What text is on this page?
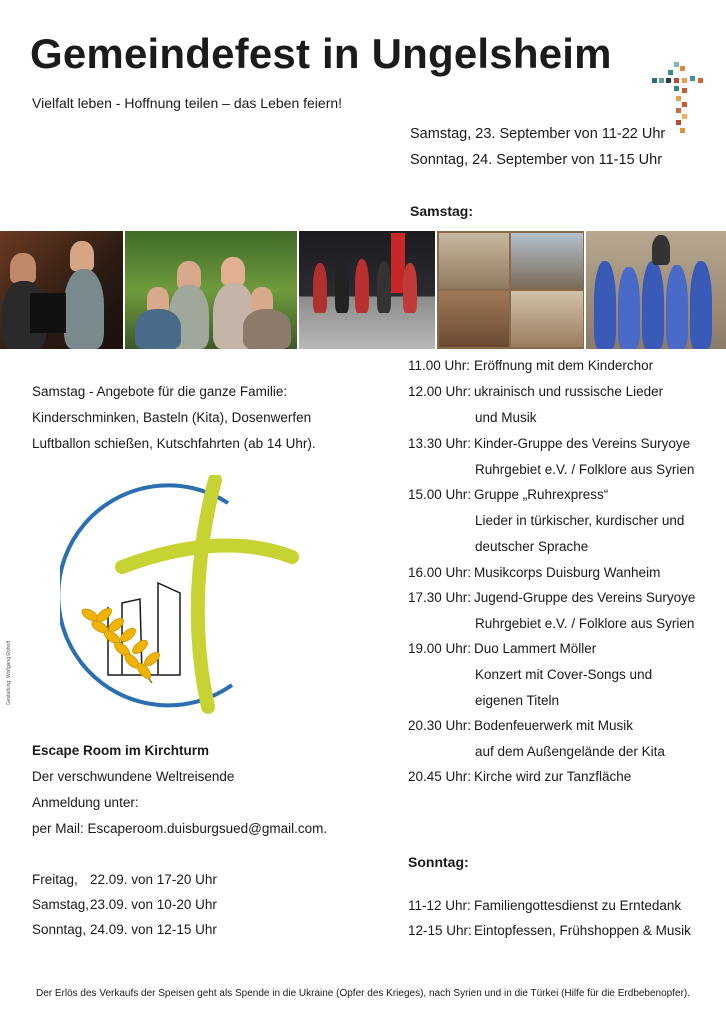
Gemeindefest in Ungelsheim
Vielfalt leben - Hoffnung teilen – das Leben feiern!
Samstag, 23. September von 11-22 Uhr
Sonntag, 24. September von 11-15 Uhr
Samstag:
Samstag - Angebote für die ganze Familie:
Kinderschminken, Basteln (Kita), Dosenwerfen
Luftballon schießen, Kutschfahrten (ab 14 Uhr).
Gestaltung: Wolfgang Rohoff
Escape Room im Kirchturm
Der verschwundene Weltreisende
Anmeldung unter:
per Mail: Escaperoom.duisburgsued@gmail.com.
Freitag, 22.09. von 17-20 Uhr
Samstag,23.09. von 10-20 Uhr
Sonntag, 24.09. von 12-15 Uhr
11.00 Uhr: Eröffnung mit dem Kinderchor
12.00 Uhr: ukrainisch und russische Lieder
und Musik
13.30 Uhr: Kinder-Gruppe des Vereins Suryoye
Ruhrgebiet e.V. / Folklore aus Syrien
15.00 Uhr: Gruppe „Ruhrexpress“
Lieder in türkischer, kurdischer und
deutscher Sprache
16.00 Uhr: Musikcorps Duisburg Wanheim
17.30 Uhr: Jugend-Gruppe des Vereins Suryoye
Ruhrgebiet e.V. / Folklore aus Syrien
19.00 Uhr: Duo Lammert Möller
Konzert mit Cover-Songs und
eigenen Titeln
20.30 Uhr: Bodenfeuerwerk mit Musik
auf dem Außengelände der Kita
20.45 Uhr: Kirche wird zur Tanzfläche
Sonntag:
11-12 Uhr: Familiengottesdienst zu Erntedank
12-15 Uhr: Eintopfessen, Frühshoppen & Musik
Der Erlös des Verkaufs der Speisen geht als Spende in die Ukraine (Opfer des Krieges), nach Syrien und in die Türkei (Hilfe für die Erdbebenopfer).
